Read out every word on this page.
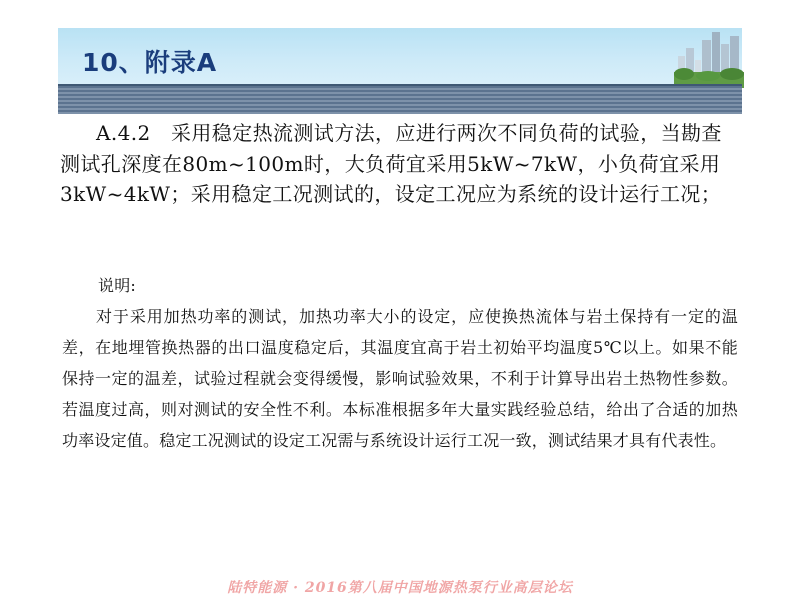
10、附录A

A.4.2　采用稳定热流测试方法，应进行两次不同负荷的试验，当勘查测试孔深度在80m~100m时，大负荷宜采用5kW~7kW，小负荷宜采用3kW~4kW；采用稳定工况测试的，设定工况应为系统的设计运行工况；

说明:

对于采用加热功率的测试，加热功率大小的设定，应使换热流体与岩土保持有一定的温差，在地埋管换热器的出口温度稳定后，其温度宜高于岩土初始平均温度5℃以上。如果不能保持一定的温差，试验过程就会变得缓慢，影响试验效果，不利于计算导出岩土热物性参数。若温度过高，则对测试的安全性不利。本标准根据多年大量实践经验总结，给出了合适的加热功率设定值。稳定工况测试的设定工况需与系统设计运行工况一致，测试结果才具有代表性。

陆特能源 · 2016第八届中国地源热泵行业高层论坛
